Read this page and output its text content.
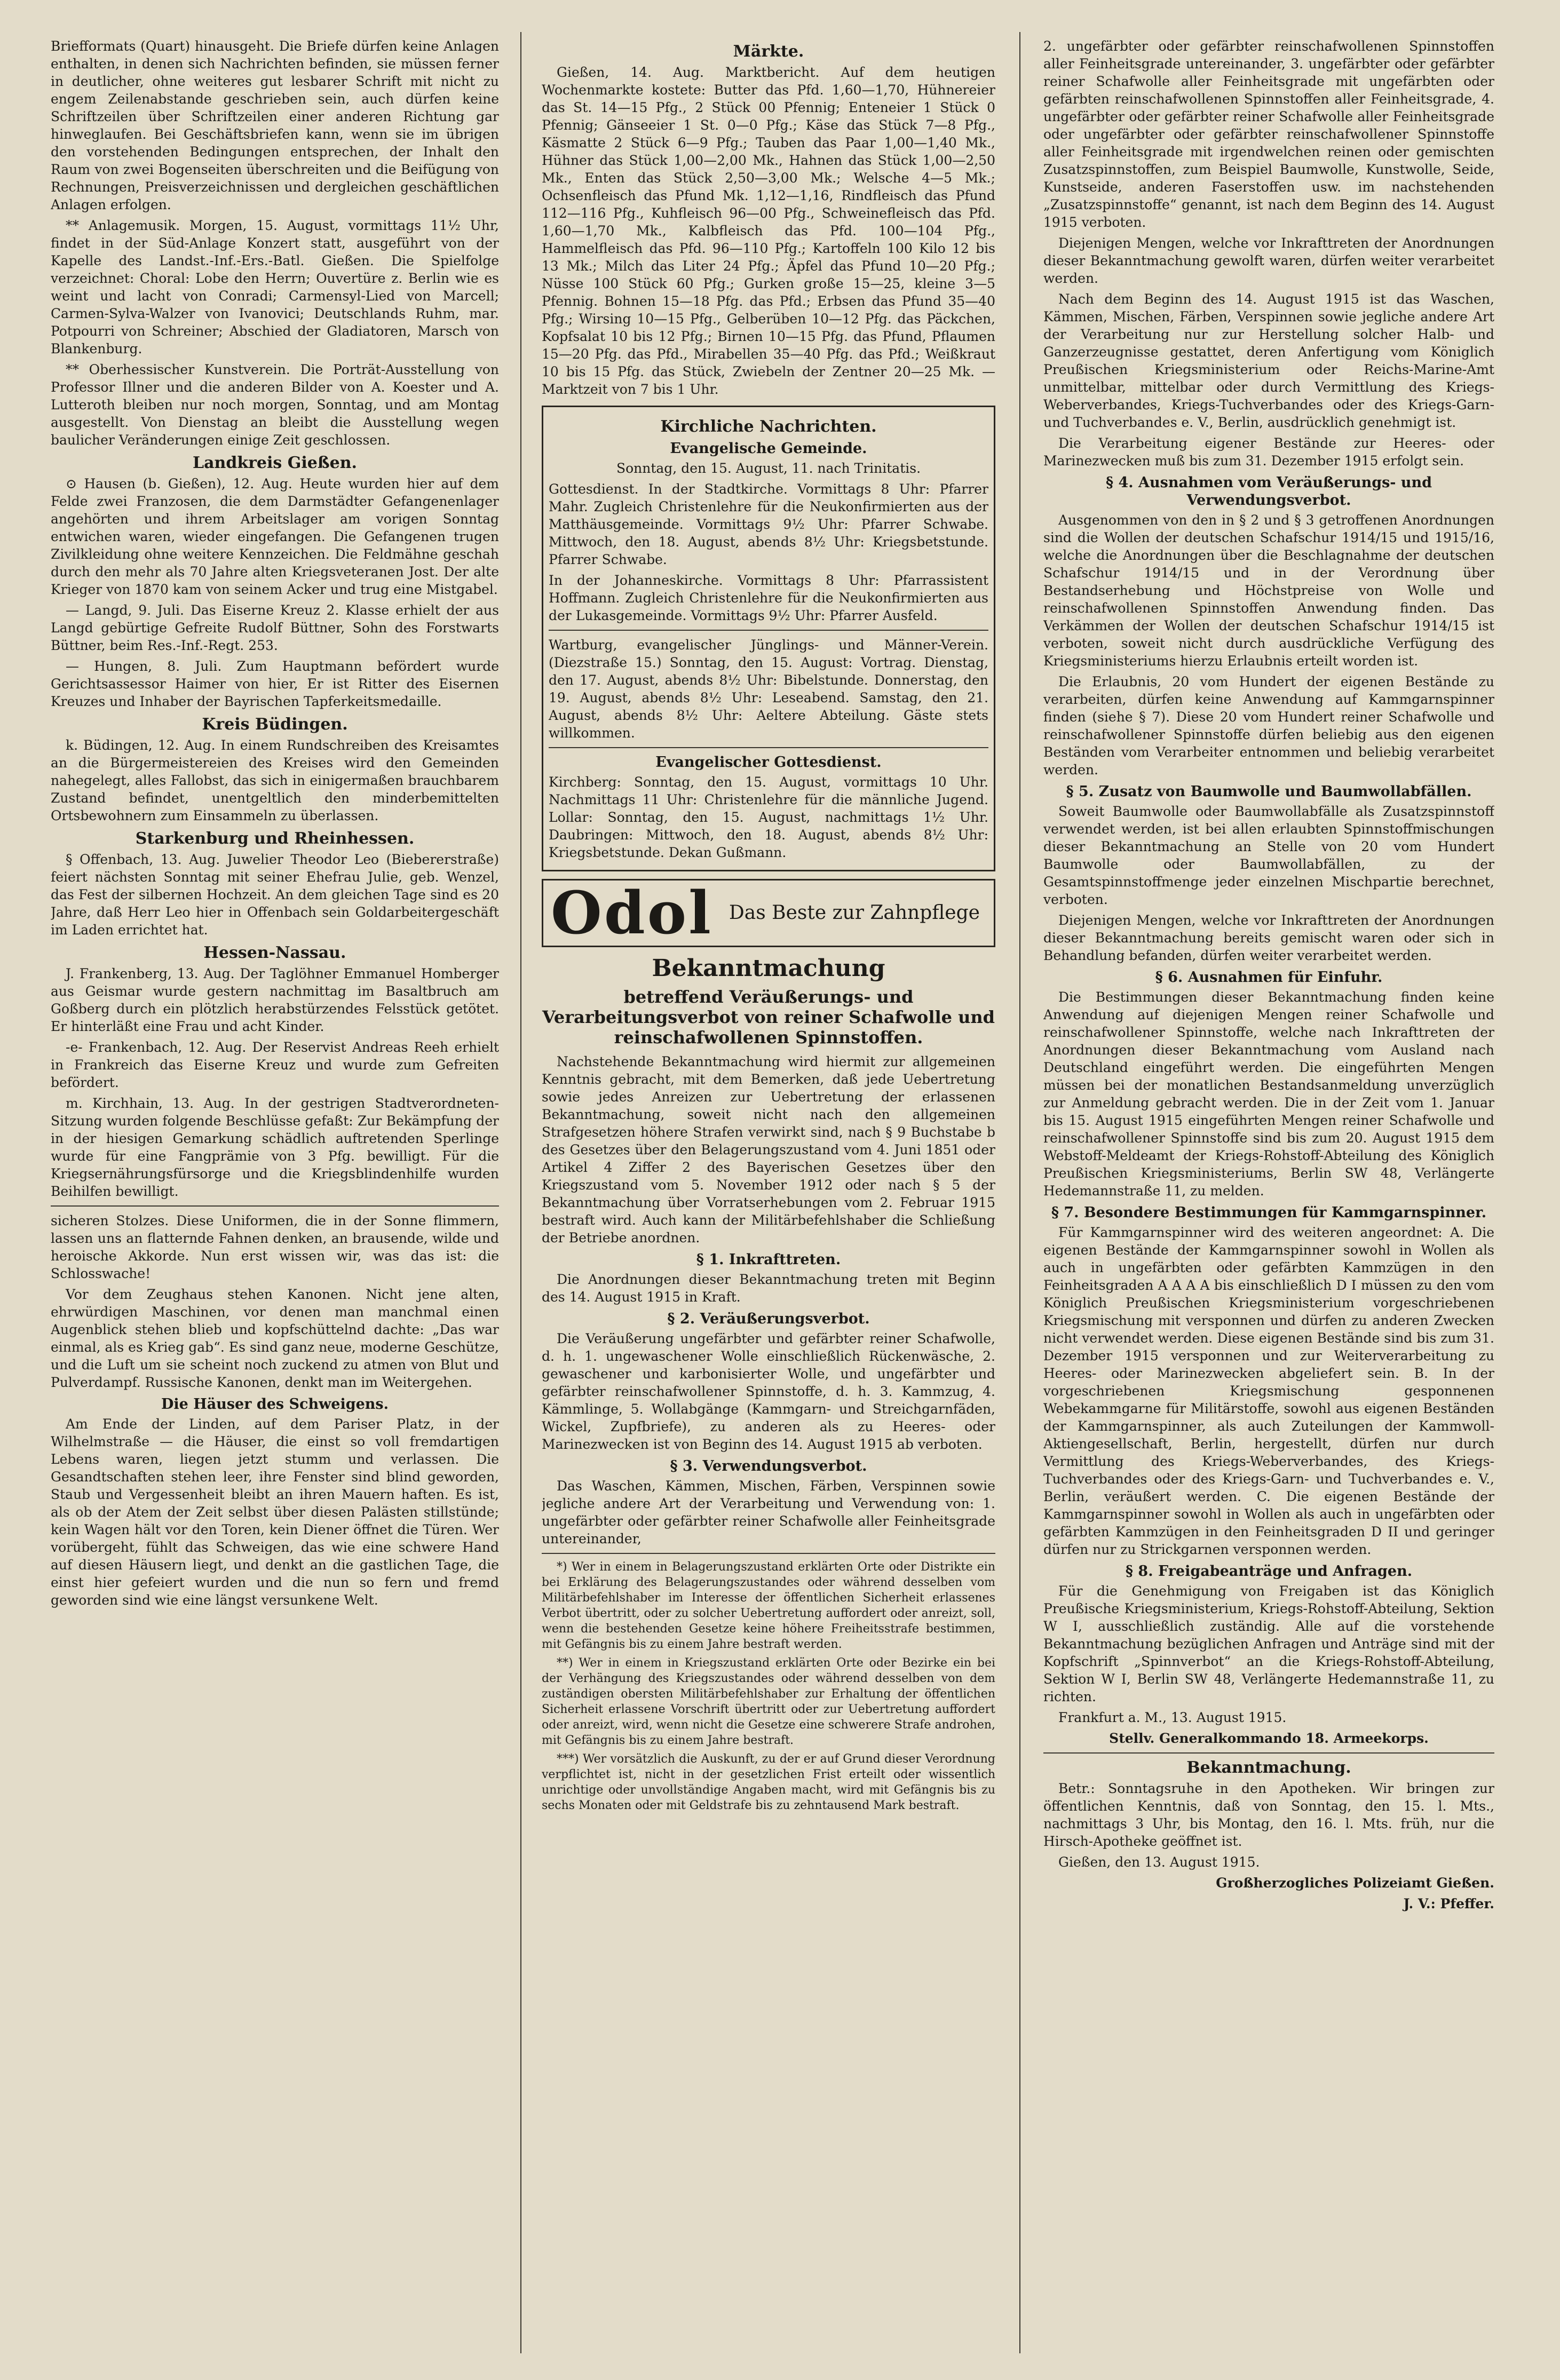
Briefformats (Quart) hinausgeht. Die Briefe dürfen keine Anlagen enthalten, in denen sich Nachrichten befinden, sie müssen ferner in deutlicher, ohne weiteres gut lesbarer Schrift mit nicht zu engem Zeilenabstande geschrieben sein, auch dürfen keine Schriftzeilen über Schriftzeilen einer anderen Richtung gar hinweglaufen. Bei Geschäftsbriefen kann, wenn sie im übrigen den vorstehenden Bedingungen entsprechen, der Inhalt den Raum von zwei Bogenseiten überschreiten und die Beifügung von Rechnungen, Preisverzeichnissen und dergleichen geschäftlichen Anlagen erfolgen.

** Anlagemusik. Morgen, 15. August, vormittags 11½ Uhr, findet in der Süd-Anlage Konzert statt, ausgeführt von der Kapelle des Landst.-Inf.-Ers.-Batl. Gießen. Die Spielfolge verzeichnet: Choral: Lobe den Herrn; Ouvertüre z. Berlin wie es weint und lacht von Conradi; Carmensyl-Lied von Marcell; Carmen-Sylva-Walzer von Ivanovici; Deutschlands Ruhm, mar. Potpourri von Schreiner; Abschied der Gladiatoren, Marsch von Blankenburg.

** Oberhessischer Kunstverein. Die Porträt-Ausstellung von Professor Illner und die anderen Bilder von A. Koester und A. Lutteroth bleiben nur noch morgen, Sonntag, und am Montag ausgestellt. Von Dienstag an bleibt die Ausstellung wegen baulicher Veränderungen einige Zeit geschlossen.

Landkreis Gießen.

⊙ Hausen (b. Gießen), 12. Aug. Heute wurden hier auf dem Felde zwei Franzosen, die dem Darmstädter Gefangenenlager angehörten und ihrem Arbeitslager am vorigen Sonntag entwichen waren, wieder eingefangen. Die Gefangenen trugen Zivilkleidung ohne weitere Kennzeichen. Die Feldmähne geschah durch den mehr als 70 Jahre alten Kriegsveteranen Jost. Der alte Krieger von 1870 kam von seinem Acker und trug eine Mistgabel.

— Langd, 9. Juli. Das Eiserne Kreuz 2. Klasse erhielt der aus Langd gebürtige Gefreite Rudolf Büttner, Sohn des Forstwarts Büttner, beim Res.-Inf.-Regt. 253.

— Hungen, 8. Juli. Zum Hauptmann befördert wurde Gerichtsassessor Haimer von hier, Er ist Ritter des Eisernen Kreuzes und Inhaber der Bayrischen Tapferkeitsmedaille.

Kreis Büdingen.

k. Büdingen, 12. Aug. In einem Rundschreiben des Kreisamtes an die Bürgermeistereien des Kreises wird den Gemeinden nahegelegt, alles Fallobst, das sich in einigermaßen brauchbarem Zustand befindet, unentgeltlich den minderbemittelten Ortsbewohnern zum Einsammeln zu überlassen.

Starkenburg und Rheinhessen.

§ Offenbach, 13. Aug. Juwelier Theodor Leo (Biebererstraße) feiert nächsten Sonntag mit seiner Ehefrau Julie, geb. Wenzel, das Fest der silbernen Hochzeit. An dem gleichen Tage sind es 20 Jahre, daß Herr Leo hier in Offenbach sein Goldarbeitergeschäft im Laden errichtet hat.

Hessen-Nassau.

J. Frankenberg, 13. Aug. Der Taglöhner Emmanuel Homberger aus Geismar wurde gestern nachmittag im Basaltbruch am Goßberg durch ein plötzlich herabstürzendes Felsstück getötet. Er hinterläßt eine Frau und acht Kinder.

-e- Frankenbach, 12. Aug. Der Reservist Andreas Reeh erhielt in Frankreich das Eiserne Kreuz und wurde zum Gefreiten befördert.

m. Kirchhain, 13. Aug. In der gestrigen Stadtverordneten-Sitzung wurden folgende Beschlüsse gefaßt: Zur Bekämpfung der in der hiesigen Gemarkung schädlich auftretenden Sperlinge wurde für eine Fangprämie von 3 Pfg. bewilligt. Für die Kriegsernährungsfürsorge und die Kriegsblindenhilfe wurden Beihilfen bewilligt.

sicheren Stolzes. Diese Uniformen, die in der Sonne flimmern, lassen uns an flatternde Fahnen denken, an brausende, wilde und heroische Akkorde. Nun erst wissen wir, was das ist: die Schlosswache!

Vor dem Zeughaus stehen Kanonen. Nicht jene alten, ehrwürdigen Maschinen, vor denen man manchmal einen Augenblick stehen blieb und kopfschüttelnd dachte: „Das war einmal, als es Krieg gab“. Es sind ganz neue, moderne Geschütze, und die Luft um sie scheint noch zuckend zu atmen von Blut und Pulverdampf. Russische Kanonen, denkt man im Weitergehen.

Die Häuser des Schweigens.

Am Ende der Linden, auf dem Pariser Platz, in der Wilhelmstraße — die Häuser, die einst so voll fremdartigen Lebens waren, liegen jetzt stumm und verlassen. Die Gesandtschaften stehen leer, ihre Fenster sind blind geworden, Staub und Vergessenheit bleibt an ihren Mauern haften. Es ist, als ob der Atem der Zeit selbst über diesen Palästen stillstünde; kein Wagen hält vor den Toren, kein Diener öffnet die Türen. Wer vorübergeht, fühlt das Schweigen, das wie eine schwere Hand auf diesen Häusern liegt, und denkt an die gastlichen Tage, die einst hier gefeiert wurden und die nun so fern und fremd geworden sind wie eine längst versunkene Welt.

Märkte.

Gießen, 14. Aug. Marktbericht. Auf dem heutigen Wochenmarkte kostete: Butter das Pfd. 1,60—1,70, Hühnereier das St. 14—15 Pfg., 2 Stück 00 Pfennig; Enteneier 1 Stück 0 Pfennig; Gänseeier 1 St. 0—0 Pfg.; Käse das Stück 7—8 Pfg., Käsmatte 2 Stück 6—9 Pfg.; Tauben das Paar 1,00—1,40 Mk., Hühner das Stück 1,00—2,00 Mk., Hahnen das Stück 1,00—2,50 Mk., Enten das Stück 2,50—3,00 Mk.; Welsche 4—5 Mk.; Ochsenfleisch das Pfund Mk. 1,12—1,16, Rindfleisch das Pfund 112—116 Pfg., Kuhfleisch 96—00 Pfg., Schweinefleisch das Pfd. 1,60—1,70 Mk., Kalbfleisch das Pfd. 100—104 Pfg., Hammelfleisch das Pfd. 96—110 Pfg.; Kartoffeln 100 Kilo 12 bis 13 Mk.; Milch das Liter 24 Pfg.; Äpfel das Pfund 10—20 Pfg.; Nüsse 100 Stück 60 Pfg.; Gurken große 15—25, kleine 3—5 Pfennig. Bohnen 15—18 Pfg. das Pfd.; Erbsen das Pfund 35—40 Pfg.; Wirsing 10—15 Pfg., Gelberüben 10—12 Pfg. das Päckchen, Kopfsalat 10 bis 12 Pfg.; Birnen 10—15 Pfg. das Pfund, Pflaumen 15—20 Pfg. das Pfd., Mirabellen 35—40 Pfg. das Pfd.; Weißkraut 10 bis 15 Pfg. das Stück, Zwiebeln der Zentner 20—25 Mk. — Marktzeit von 7 bis 1 Uhr.

Kirchliche Nachrichten.
Evangelische Gemeinde.

Sonntag, den 15. August, 11. nach Trinitatis.

Gottesdienst. In der Stadtkirche. Vormittags 8 Uhr: Pfarrer Mahr. Zugleich Christenlehre für die Neukonfirmierten aus der Matthäusgemeinde. Vormittags 9½ Uhr: Pfarrer Schwabe. Mittwoch, den 18. August, abends 8½ Uhr: Kriegsbetstunde. Pfarrer Schwabe.

In der Johanneskirche. Vormittags 8 Uhr: Pfarrassistent Hoffmann. Zugleich Christenlehre für die Neukonfirmierten aus der Lukasgemeinde. Vormittags 9½ Uhr: Pfarrer Ausfeld.

Wartburg, evangelischer Jünglings- und Männer-Verein. (Diezstraße 15.) Sonntag, den 15. August: Vortrag. Dienstag, den 17. August, abends 8½ Uhr: Bibelstunde. Donnerstag, den 19. August, abends 8½ Uhr: Leseabend. Samstag, den 21. August, abends 8½ Uhr: Aeltere Abteilung. Gäste stets willkommen.

Evangelischer Gottesdienst.

Kirchberg: Sonntag, den 15. August, vormittags 10 Uhr. Nachmittags 11 Uhr: Christenlehre für die männliche Jugend. Lollar: Sonntag, den 15. August, nachmittags 1½ Uhr. Daubringen: Mittwoch, den 18. August, abends 8½ Uhr: Kriegsbetstunde. Dekan Gußmann.

Odol Das Beste zur Zahnpflege
Bekanntmachung
betreffend Veräußerungs- und Verarbeitungsverbot von reiner Schafwolle und reinschafwollenen Spinnstoffen.

Nachstehende Bekanntmachung wird hiermit zur allgemeinen Kenntnis gebracht, mit dem Bemerken, daß jede Uebertretung sowie jedes Anreizen zur Uebertretung der erlassenen Bekanntmachung, soweit nicht nach den allgemeinen Strafgesetzen höhere Strafen verwirkt sind, nach § 9 Buchstabe b des Gesetzes über den Belagerungszustand vom 4. Juni 1851 oder Artikel 4 Ziffer 2 des Bayerischen Gesetzes über den Kriegszustand vom 5. November 1912 oder nach § 5 der Bekanntmachung über Vorratserhebungen vom 2. Februar 1915 bestraft wird. Auch kann der Militärbefehlshaber die Schließung der Betriebe anordnen.

§ 1. Inkrafttreten.

Die Anordnungen dieser Bekanntmachung treten mit Beginn des 14. August 1915 in Kraft.

§ 2. Veräußerungsverbot.

Die Veräußerung ungefärbter und gefärbter reiner Schafwolle, d. h. 1. ungewaschener Wolle einschließlich Rückenwäsche, 2. gewaschener und karbonisierter Wolle, und ungefärbter und gefärbter reinschafwollener Spinnstoffe, d. h. 3. Kammzug, 4. Kämmlinge, 5. Wollabgänge (Kammgarn- und Streichgarnfäden, Wickel, Zupfbriefe), zu anderen als zu Heeres- oder Marinezwecken ist von Beginn des 14. August 1915 ab verboten.

§ 3. Verwendungsverbot.

Das Waschen, Kämmen, Mischen, Färben, Verspinnen sowie jegliche andere Art der Verarbeitung und Verwendung von: 1. ungefärbter oder gefärbter reiner Schafwolle aller Feinheitsgrade untereinander,

*) Wer in einem in Belagerungszustand erklärten Orte oder Distrikte ein bei Erklärung des Belagerungszustandes oder während desselben vom Militärbefehlshaber im Interesse der öffentlichen Sicherheit erlassenes Verbot übertritt, oder zu solcher Uebertretung auffordert oder anreizt, soll, wenn die bestehenden Gesetze keine höhere Freiheitsstrafe bestimmen, mit Gefängnis bis zu einem Jahre bestraft werden.

**) Wer in einem in Kriegszustand erklärten Orte oder Bezirke ein bei der Verhängung des Kriegszustandes oder während desselben von dem zuständigen obersten Militärbefehlshaber zur Erhaltung der öffentlichen Sicherheit erlassene Vorschrift übertritt oder zur Uebertretung auffordert oder anreizt, wird, wenn nicht die Gesetze eine schwerere Strafe androhen, mit Gefängnis bis zu einem Jahre bestraft.

***) Wer vorsätzlich die Auskunft, zu der er auf Grund dieser Verordnung verpflichtet ist, nicht in der gesetzlichen Frist erteilt oder wissentlich unrichtige oder unvollständige Angaben macht, wird mit Gefängnis bis zu sechs Monaten oder mit Geldstrafe bis zu zehntausend Mark bestraft.

2. ungefärbter oder gefärbter reinschafwollenen Spinnstoffen aller Feinheitsgrade untereinander, 3. ungefärbter oder gefärbter reiner Schafwolle aller Feinheitsgrade mit ungefärbten oder gefärbten reinschafwollenen Spinnstoffen aller Feinheitsgrade, 4. ungefärbter oder gefärbter reiner Schafwolle aller Feinheitsgrade oder ungefärbter oder gefärbter reinschafwollener Spinnstoffe aller Feinheitsgrade mit irgendwelchen reinen oder gemischten Zusatzspinnstoffen, zum Beispiel Baumwolle, Kunstwolle, Seide, Kunstseide, anderen Faserstoffen usw. im nachstehenden „Zusatzspinnstoffe“ genannt, ist nach dem Beginn des 14. August 1915 verboten.

Diejenigen Mengen, welche vor Inkrafttreten der Anordnungen dieser Bekanntmachung gewolft waren, dürfen weiter verarbeitet werden.

Nach dem Beginn des 14. August 1915 ist das Waschen, Kämmen, Mischen, Färben, Verspinnen sowie jegliche andere Art der Verarbeitung nur zur Herstellung solcher Halb- und Ganzerzeugnisse gestattet, deren Anfertigung vom Königlich Preußischen Kriegsministerium oder Reichs-Marine-Amt unmittelbar, mittelbar oder durch Vermittlung des Kriegs-Weberverbandes, Kriegs-Tuchverbandes oder des Kriegs-Garn- und Tuchverbandes e. V., Berlin, ausdrücklich genehmigt ist.

Die Verarbeitung eigener Bestände zur Heeres- oder Marinezwecken muß bis zum 31. Dezember 1915 erfolgt sein.

§ 4. Ausnahmen vom Veräußerungs- und Verwendungsverbot.

Ausgenommen von den in § 2 und § 3 getroffenen Anordnungen sind die Wollen der deutschen Schafschur 1914/15 und 1915/16, welche die Anordnungen über die Beschlagnahme der deutschen Schafschur 1914/15 und in der Verordnung über Bestandserhebung und Höchstpreise von Wolle und reinschafwollenen Spinnstoffen Anwendung finden. Das Verkämmen der Wollen der deutschen Schafschur 1914/15 ist verboten, soweit nicht durch ausdrückliche Verfügung des Kriegsministeriums hierzu Erlaubnis erteilt worden ist.

Die Erlaubnis, 20 vom Hundert der eigenen Bestände zu verarbeiten, dürfen keine Anwendung auf Kammgarnspinner finden (siehe § 7). Diese 20 vom Hundert reiner Schafwolle und reinschafwollener Spinnstoffe dürfen beliebig aus den eigenen Beständen vom Verarbeiter entnommen und beliebig verarbeitet werden.

§ 5. Zusatz von Baumwolle und Baumwollabfällen.

Soweit Baumwolle oder Baumwollabfälle als Zusatzspinnstoff verwendet werden, ist bei allen erlaubten Spinnstoffmischungen dieser Bekanntmachung an Stelle von 20 vom Hundert Baumwolle oder Baumwollabfällen, zu der Gesamtspinnstoffmenge jeder einzelnen Mischpartie berechnet, verboten.

Diejenigen Mengen, welche vor Inkrafttreten der Anordnungen dieser Bekanntmachung bereits gemischt waren oder sich in Behandlung befanden, dürfen weiter verarbeitet werden.

§ 6. Ausnahmen für Einfuhr.

Die Bestimmungen dieser Bekanntmachung finden keine Anwendung auf diejenigen Mengen reiner Schafwolle und reinschafwollener Spinnstoffe, welche nach Inkrafttreten der Anordnungen dieser Bekanntmachung vom Ausland nach Deutschland eingeführt werden. Die eingeführten Mengen müssen bei der monatlichen Bestandsanmeldung unverzüglich zur Anmeldung gebracht werden. Die in der Zeit vom 1. Januar bis 15. August 1915 eingeführten Mengen reiner Schafwolle und reinschafwollener Spinnstoffe sind bis zum 20. August 1915 dem Webstoff-Meldeamt der Kriegs-Rohstoff-Abteilung des Königlich Preußischen Kriegsministeriums, Berlin SW 48, Verlängerte Hedemannstraße 11, zu melden.

§ 7. Besondere Bestimmungen für Kammgarnspinner.

Für Kammgarnspinner wird des weiteren angeordnet: A. Die eigenen Bestände der Kammgarnspinner sowohl in Wollen als auch in ungefärbten oder gefärbten Kammzügen in den Feinheitsgraden A A A A bis einschließlich D I müssen zu den vom Königlich Preußischen Kriegsministerium vorgeschriebenen Kriegsmischung mit versponnen und dürfen zu anderen Zwecken nicht verwendet werden. Diese eigenen Bestände sind bis zum 31. Dezember 1915 versponnen und zur Weiterverarbeitung zu Heeres- oder Marinezwecken abgeliefert sein. B. In der vorgeschriebenen Kriegsmischung gesponnenen Webekammgarne für Militärstoffe, sowohl aus eigenen Beständen der Kammgarnspinner, als auch Zuteilungen der Kammwoll-Aktiengesellschaft, Berlin, hergestellt, dürfen nur durch Vermittlung des Kriegs-Weberverbandes, des Kriegs-Tuchverbandes oder des Kriegs-Garn- und Tuchverbandes e. V., Berlin, veräußert werden. C. Die eigenen Bestände der Kammgarnspinner sowohl in Wollen als auch in ungefärbten oder gefärbten Kammzügen in den Feinheitsgraden D II und geringer dürfen nur zu Strickgarnen versponnen werden.

§ 8. Freigabeanträge und Anfragen.

Für die Genehmigung von Freigaben ist das Königlich Preußische Kriegsministerium, Kriegs-Rohstoff-Abteilung, Sektion W I, ausschließlich zuständig. Alle auf die vorstehende Bekanntmachung bezüglichen Anfragen und Anträge sind mit der Kopfschrift „Spinnverbot“ an die Kriegs-Rohstoff-Abteilung, Sektion W I, Berlin SW 48, Verlängerte Hedemannstraße 11, zu richten.

Frankfurt a. M., 13. August 1915.

Stellv. Generalkommando 18. Armeekorps.

Bekanntmachung.

Betr.: Sonntagsruhe in den Apotheken. Wir bringen zur öffentlichen Kenntnis, daß von Sonntag, den 15. l. Mts., nachmittags 3 Uhr, bis Montag, den 16. l. Mts. früh, nur die Hirsch-Apotheke geöffnet ist.

Gießen, den 13. August 1915.

Großherzogliches Polizeiamt Gießen.

J. V.: Pfeffer.
